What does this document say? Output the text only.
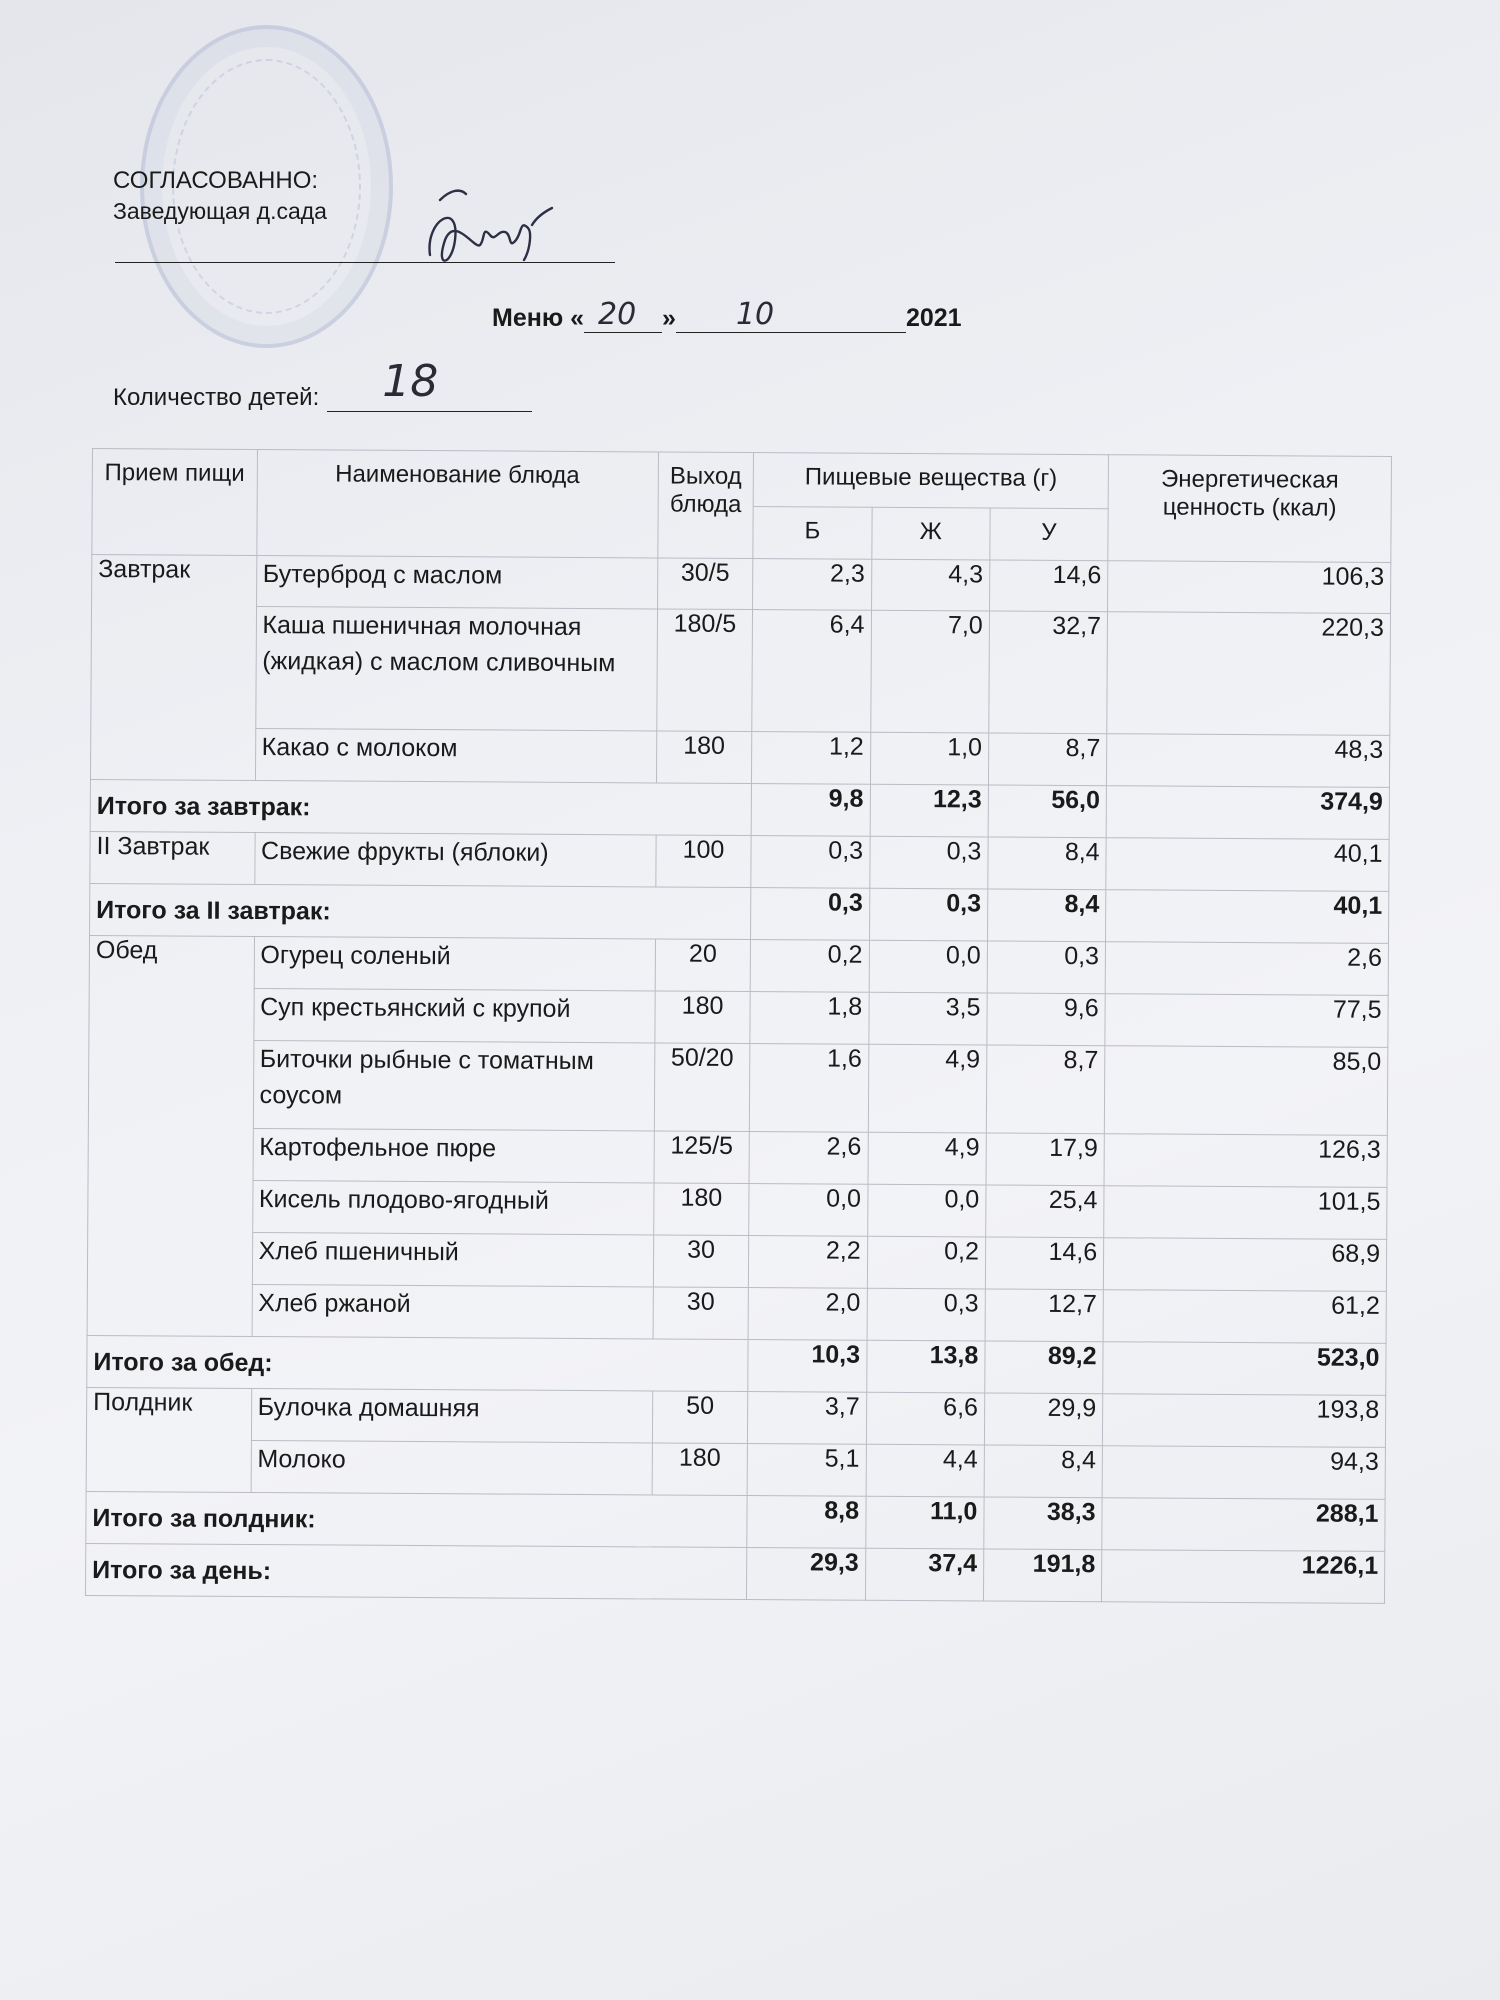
СОГЛАСОВАННО:
Заведующая д.сада
Меню « 20 » 10	2021
Количество детей: 18
Прием пищи	Наименование блюда	Выход блюда	Пищевые вещества (г)			Энергетическая ценность (ккал)
			Б	Ж	У	
Завтрак	Бутерброд с маслом	30/5	2,3	4,3	14,6	106,3
	Каша пшеничная молочная (жидкая) с маслом сливочным	180/5	6,4	7,0	32,7	220,3
	Какао с молоком	180	1,2	1,0	8,7	48,3
Итого за завтрак:			9,8	12,3	56,0	374,9
II Завтрак	Свежие фрукты (яблоки)	100	0,3	0,3	8,4	40,1
Итого за II завтрак:			0,3	0,3	8,4	40,1
Обед	Огурец соленый	20	0,2	0,0	0,3	2,6
	Суп крестьянский с крупой	180	1,8	3,5	9,6	77,5
	Биточки рыбные с томатным соусом	50/20	1,6	4,9	8,7	85,0
	Картофельное пюре	125/5	2,6	4,9	17,9	126,3
	Кисель плодово-ягодный	180	0,0	0,0	25,4	101,5
	Хлеб пшеничный	30	2,2	0,2	14,6	68,9
	Хлеб ржаной	30	2,0	0,3	12,7	61,2
Итого за обед:			10,3	13,8	89,2	523,0
Полдник	Булочка домашняя	50	3,7	6,6	29,9	193,8
	Молоко	180	5,1	4,4	8,4	94,3
Итого за полдник:			8,8	11,0	38,3	288,1
Итого за день:			29,3	37,4	191,8	1226,1
